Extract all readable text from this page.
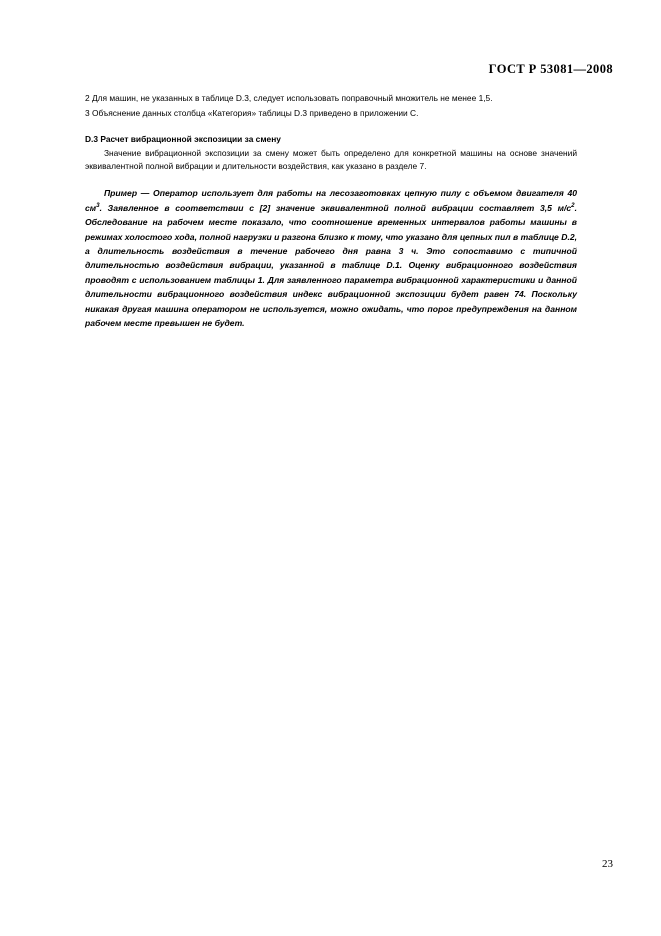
ГОСТ Р 53081—2008

2 Для машин, не указанных в таблице D.3, следует использовать поправочный множитель не менее 1,5.

3 Объяснение данных столбца «Категория» таблицы D.3 приведено в приложении С.

D.3 Расчет вибрационной экспозиции за смену

Значение вибрационной экспозиции за смену может быть определено для конкретной машины на основе значений эквивалентной полной вибрации и длительности воздействия, как указано в разделе 7.

Пример — Оператор использует для работы на лесозаготовках цепную пилу с объемом двигателя 40 $см^3$. Заявленное в соответствии с [2] значение эквивалентной полной вибрации составляет 3,5 $м/с^2$. Обследование на рабочем месте показало, что соотношение временных интервалов работы машины в режимах холостого хода, полной нагрузки и разгона близко к тому, что указано для цепных пил в таблице D.2, а длительность воздействия в течение рабочего дня равна 3 ч. Это сопоставимо с типичной длительностью воздействия вибрации, указанной в таблице D.1. Оценку вибрационного воздействия проводят с использованием таблицы 1. Для заявленного параметра вибрационной характеристики и данной длительности вибрационного воздействия индекс вибрационной экспозиции будет равен 74. Поскольку никакая другая машина оператором не используется, можно ожидать, что порог предупреждения на данном рабочем месте превышен не будет.

23
